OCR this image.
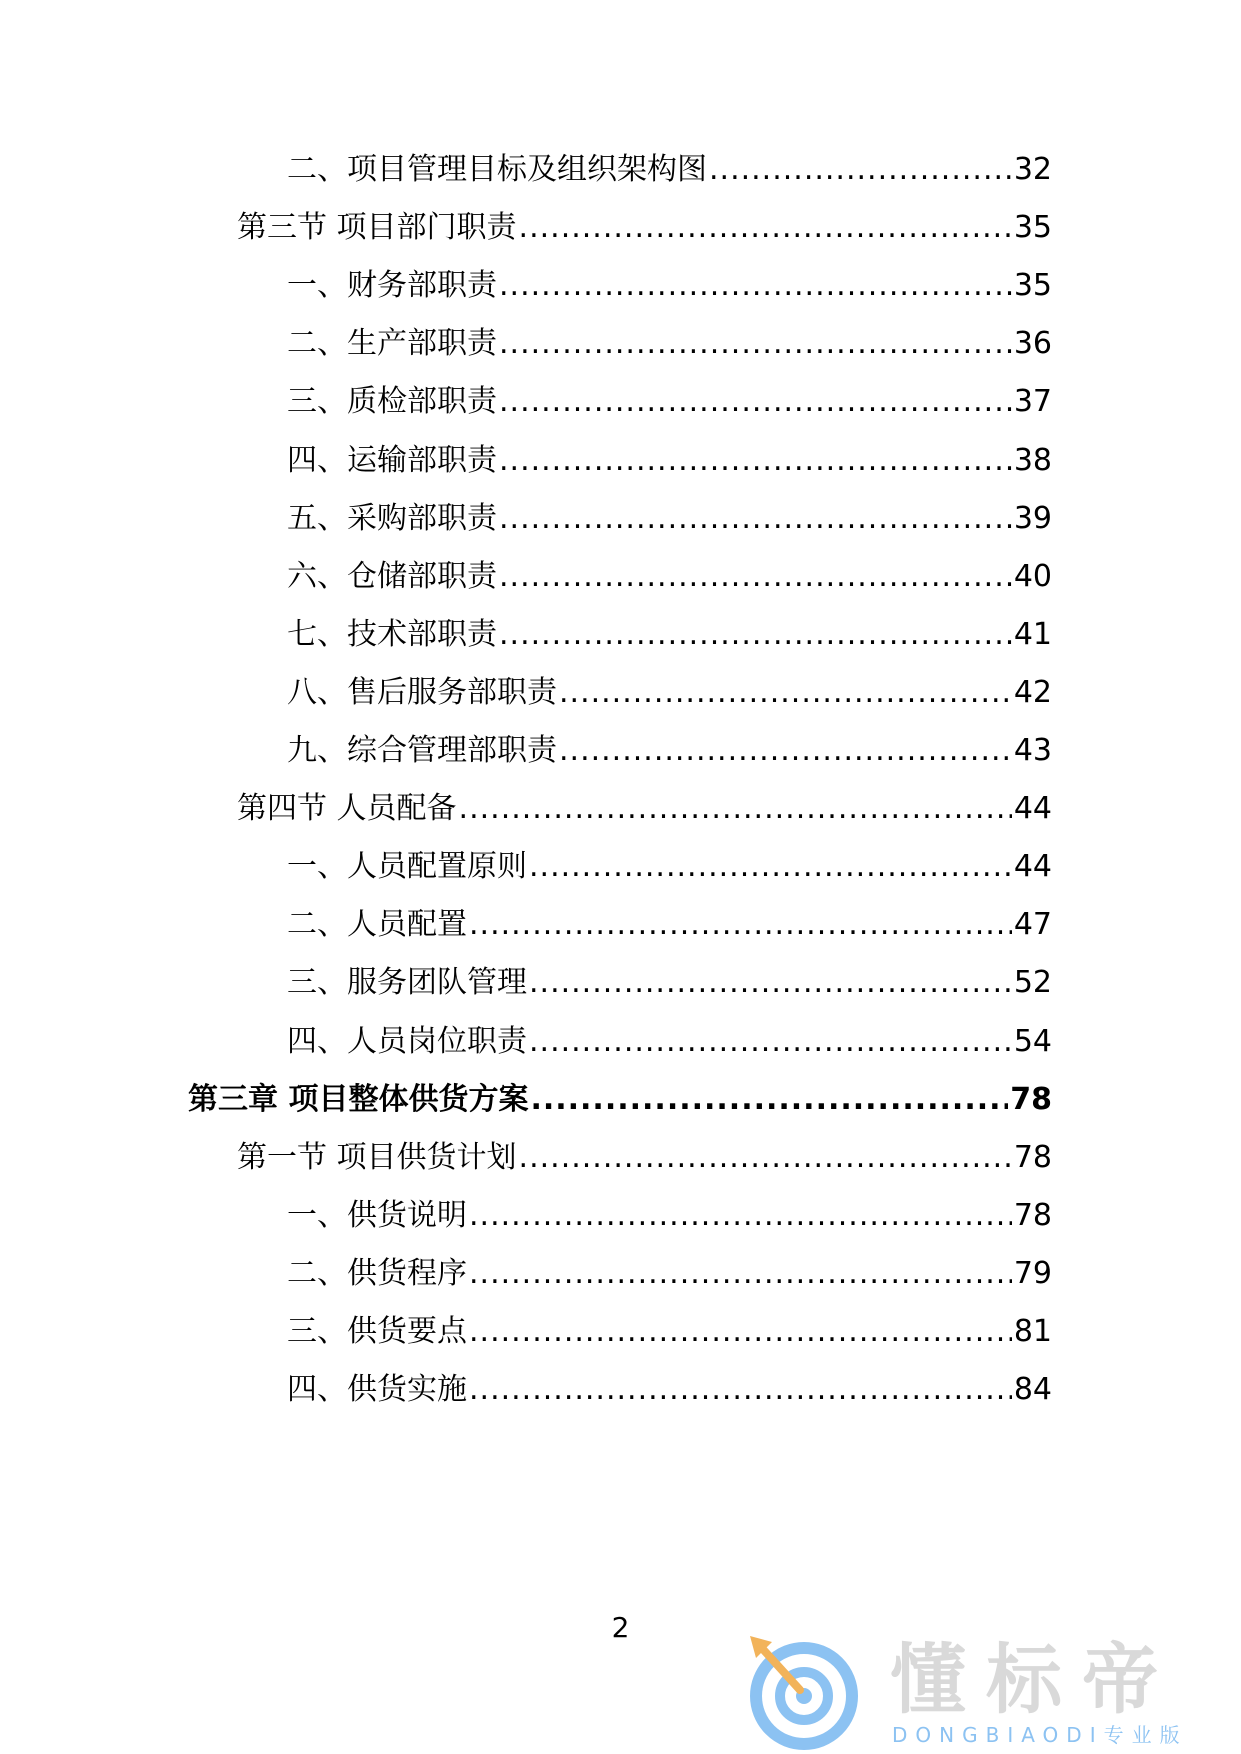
二、项目管理目标及组织架构图 .....	32
第三节 项目部门职责 .....	35
一、财务部职责 .....	35
二、生产部职责 .....	36
三、质检部职责 .....	37
四、运输部职责 .....	38
五、采购部职责 .....	39
六、仓储部职责 .....	40
七、技术部职责 .....	41
八、售后服务部职责 .....	42
九、综合管理部职责 .....	43
第四节 人员配备 .....	44
一、人员配置原则 .....	44
二、人员配置 .....	47
三、服务团队管理 .....	52
四、人员岗位职责 .....	54
第三章 项目整体供货方案 .....	78
第一节 项目供货计划 .....	78
一、供货说明 .....	78
二、供货程序 .....	79
三、供货要点 .....	81
四、供货实施 .....	84
2
懂标帝
DONGBIAODI专业版
